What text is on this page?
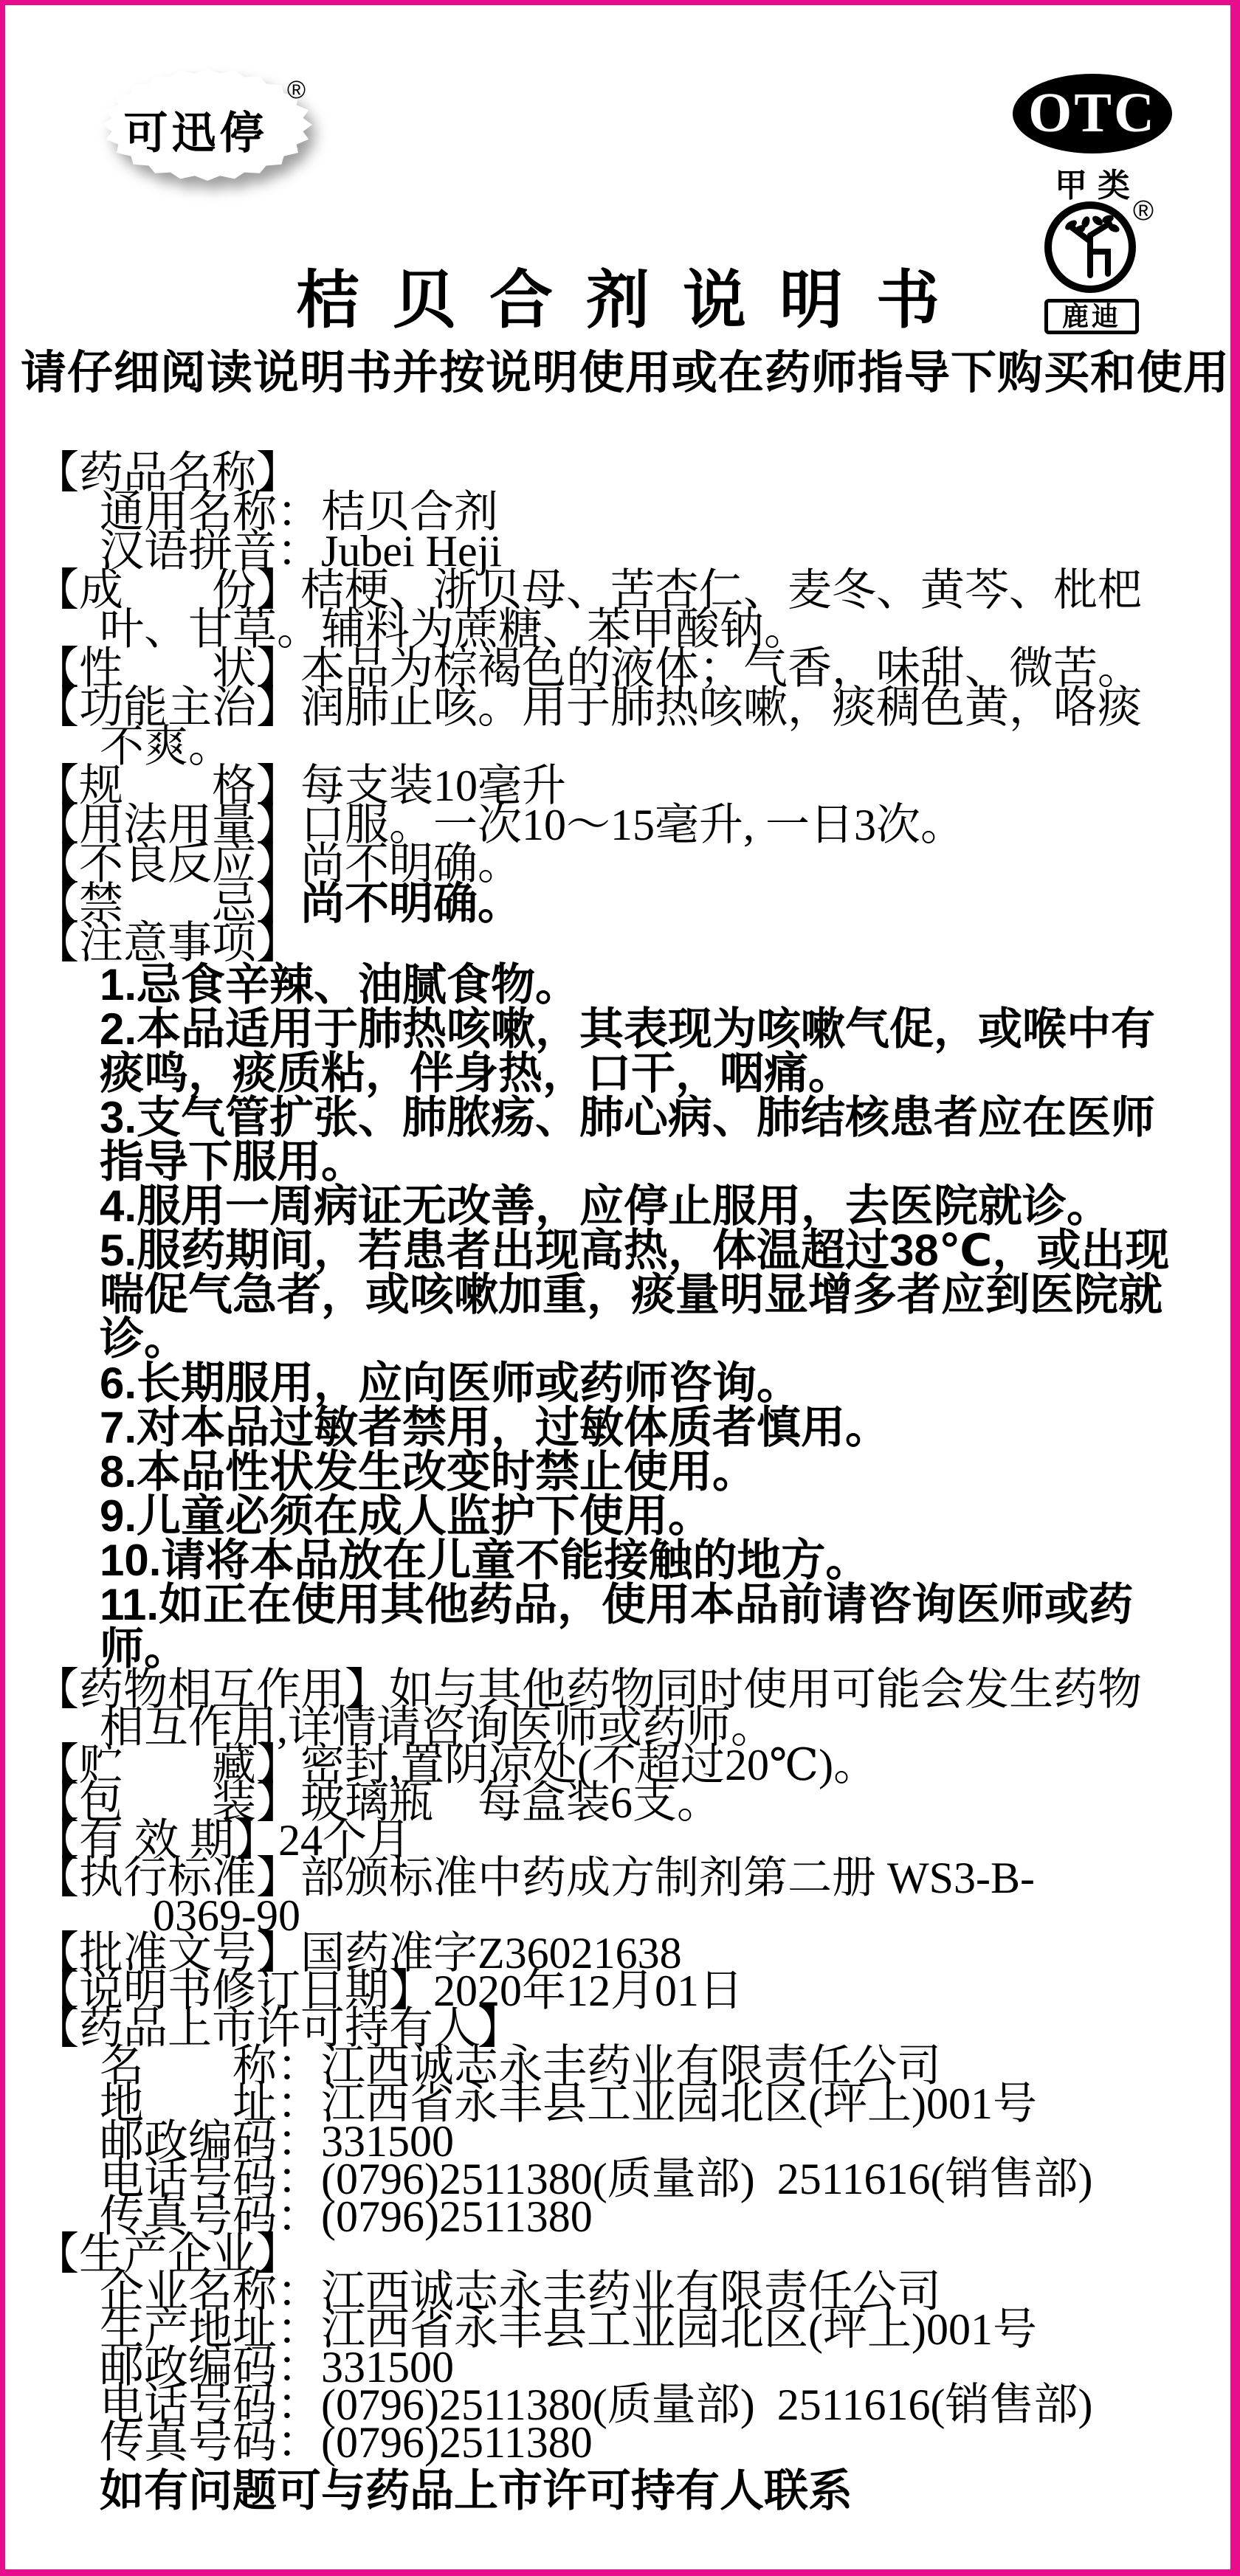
可迅停
®	OTC
甲类
®
鹿迪
桔贝合剂说明书
请仔细阅读说明书并按说明使用或在药师指导下购买和使用
【药品名称】
通用名称：桔贝合剂
汉语拼音：Jubei Heji
【成　　份】桔梗、浙贝母、苦杏仁、麦冬、黄芩、枇杷
叶、甘草。辅料为蔗糖、苯甲酸钠。
【性　　状】本品为棕褐色的液体；气香，味甜、微苦。
【功能主治】润肺止咳。用于肺热咳嗽，痰稠色黄，咯痰
不爽。
【规　　格】每支装10毫升
【用法用量】口服。一次10～15毫升, 一日3次。
【不良反应】尚不明确。
【禁　　忌】尚不明确。
【注意事项】
1.忌食辛辣、油腻食物。
2.本品适用于肺热咳嗽，其表现为咳嗽气促，或喉中有
痰鸣，痰质粘，伴身热，口干，咽痛。
3.支气管扩张、肺脓疡、肺心病、肺结核患者应在医师
指导下服用。
4.服用一周病证无改善，应停止服用，去医院就诊。
5.服药期间，若患者出现高热，体温超过38℃，或出现
喘促气急者，或咳嗽加重，痰量明显增多者应到医院就
诊。
6.长期服用，应向医师或药师咨询。
7.对本品过敏者禁用，过敏体质者慎用。
8.本品性状发生改变时禁止使用。
9.儿童必须在成人监护下使用。
10.请将本品放在儿童不能接触的地方。
11.如正在使用其他药品，使用本品前请咨询医师或药
师。
【药物相互作用】如与其他药物同时使用可能会发生药物
相互作用,详情请咨询医师或药师。
【贮　　藏】密封,置阴凉处(不超过20℃)。
【包　　装】玻璃瓶　每盒装6支。
【有 效 期】24个月
【执行标准】部颁标准中药成方制剂第二册 WS3-B-
0369-90
【批准文号】国药准字Z36021638
【说明书修订日期】2020年12月01日
【药品上市许可持有人】
名　　称：江西诚志永丰药业有限责任公司
地　　址：江西省永丰县工业园北区(坪上)001号
邮政编码：331500
电话号码：(0796)2511380(质量部)  2511616(销售部)
传真号码：(0796)2511380
【生产企业】
企业名称：江西诚志永丰药业有限责任公司
生产地址：江西省永丰县工业园北区(坪上)001号
邮政编码：331500
电话号码：(0796)2511380(质量部)  2511616(销售部)
传真号码：(0796)2511380
如有问题可与药品上市许可持有人联系
